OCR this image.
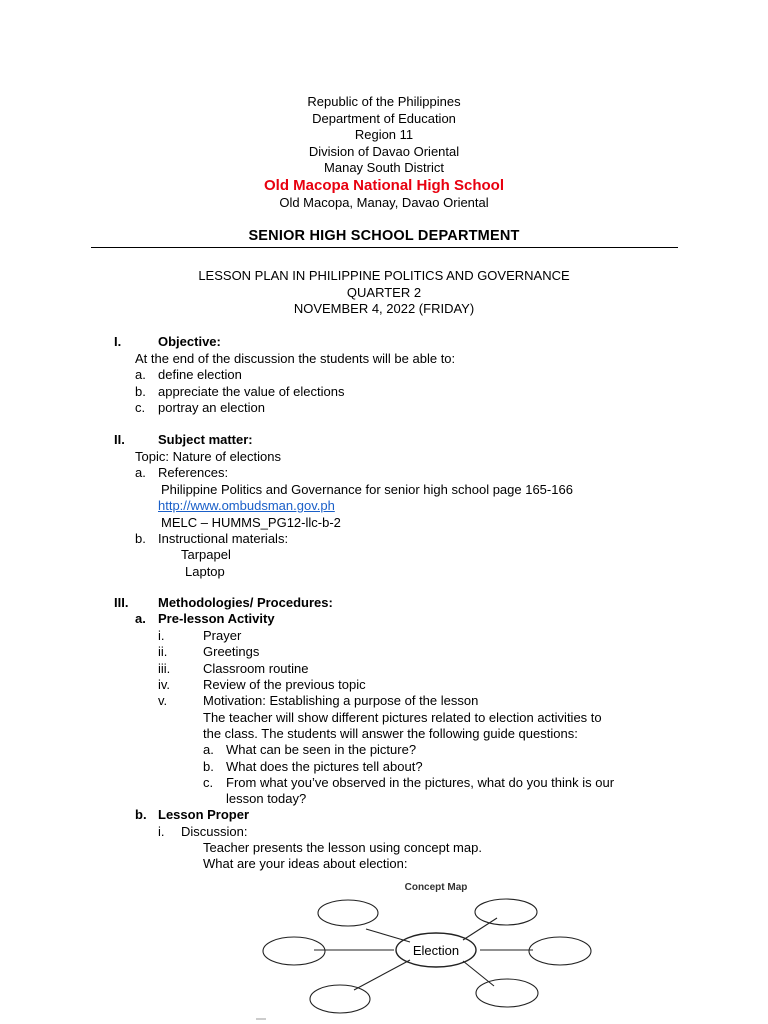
Republic of the Philippines
Department of Education
Region 11
Division of Davao Oriental
Manay South District
Old Macopa National High School
Old Macopa, Manay, Davao Oriental
SENIOR HIGH SCHOOL DEPARTMENT
LESSON PLAN IN PHILIPPINE POLITICS AND GOVERNANCE
QUARTER 2
NOVEMBER 4, 2022 (FRIDAY)
I.	Objective:
At the end of the discussion the students will be able to:
a. define election
b. appreciate the value of elections
c. portray an election
II.	Subject matter:
Topic: Nature of elections
a. References:
Philippine Politics and Governance for senior high school page 165-166
http://www.ombudsman.gov.ph
MELC – HUMMS_PG12-llc-b-2
b. Instructional materials:
Tarpapel
Laptop
III. Methodologies/ Procedures:
a. Pre-lesson Activity
i.	Prayer
ii.	Greetings
iii.	Classroom routine
iv.	Review of the previous topic
v.	Motivation: Establishing a purpose of the lesson
The teacher will show different pictures related to election activities to
the class. The students will answer the following guide questions:
a. What can be seen in the picture?
b. What does the pictures tell about?
c. From what you’ve observed in the pictures, what do you think is our
lesson today?
b. Lesson Proper
i. Discussion:
Teacher presents the lesson using concept map.
What are your ideas about election:
Concept Map
Election
